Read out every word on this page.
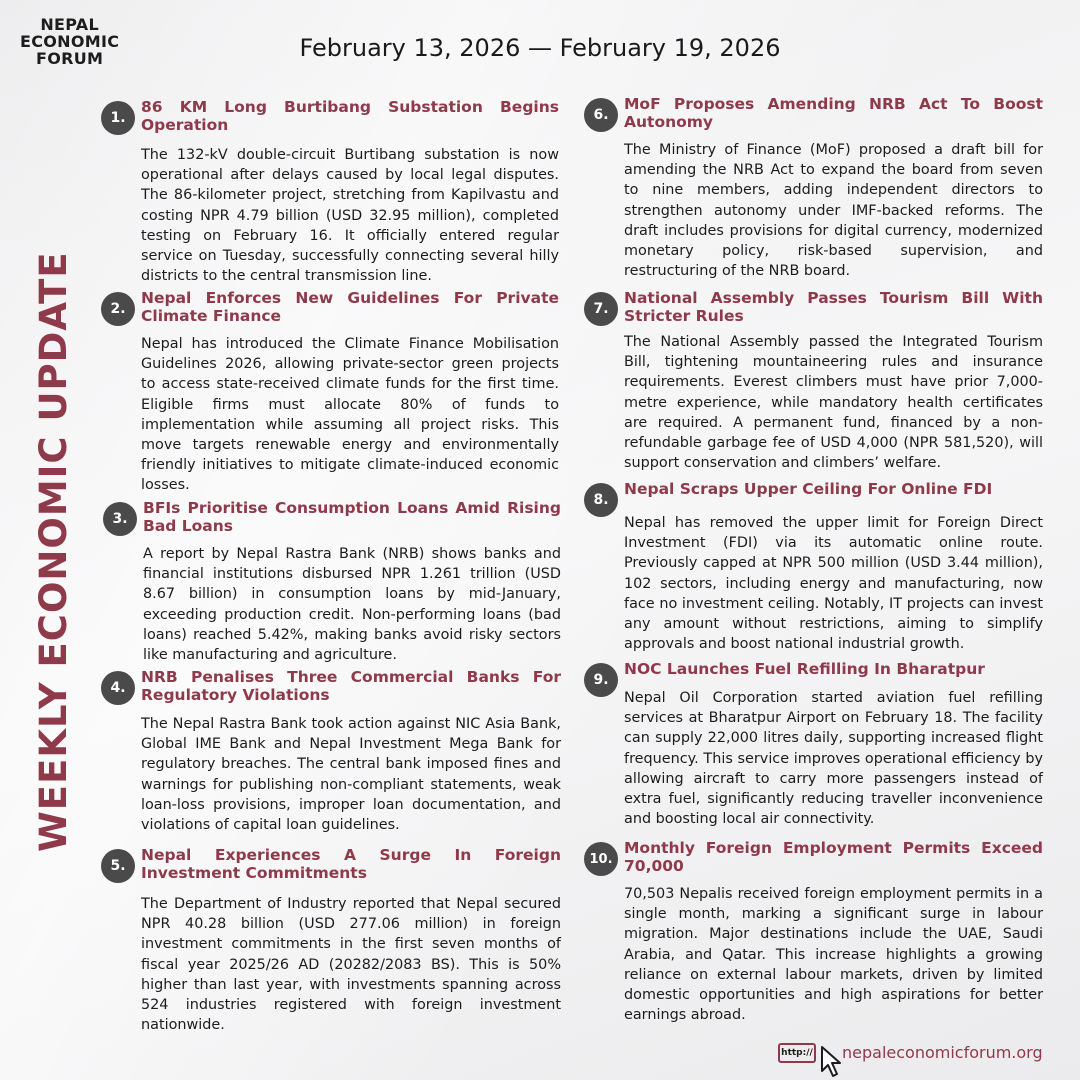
NEPAL
ECONOMIC
FORUM	February 13, 2026 — February 19, 2026
WEEKLY ECONOMIC UPDATE
1.
86 KM Long Burtibang Substation Begins Operation
The 132-kV double-circuit Burtibang substation is now operational after delays caused by local legal disputes. The 86-kilometer project, stretching from Kapilvastu and costing NPR 4.79 billion (USD 32.95 million), completed testing on February 16. It officially entered regular service on Tuesday, successfully connecting several hilly districts to the central transmission line.
2.
Nepal Enforces New Guidelines For Private Climate Finance
Nepal has introduced the Climate Finance Mobilisation Guidelines 2026, allowing private-sector green projects to access state-received climate funds for the first time. Eligible firms must allocate 80% of funds to implementation while assuming all project risks. This move targets renewable energy and environmentally friendly initiatives to mitigate climate-induced economic losses.
3.
BFIs Prioritise Consumption Loans Amid Rising Bad Loans
A report by Nepal Rastra Bank (NRB) shows banks and financial institutions disbursed NPR 1.261 trillion (USD 8.67 billion) in consumption loans by mid-January, exceeding production credit. Non-performing loans (bad loans) reached 5.42%, making banks avoid risky sectors like manufacturing and agriculture.
4.
NRB Penalises Three Commercial Banks For Regulatory Violations
The Nepal Rastra Bank took action against NIC Asia Bank, Global IME Bank and Nepal Investment Mega Bank for regulatory breaches. The central bank imposed fines and warnings for publishing non-compliant statements, weak loan-loss provisions, improper loan documentation, and violations of capital loan guidelines.
5.
Nepal Experiences A Surge In Foreign Investment Commitments
The Department of Industry reported that Nepal secured NPR 40.28 billion (USD 277.06 million) in foreign investment commitments in the first seven months of fiscal year 2025/26 AD (20282/2083 BS). This is 50% higher than last year, with investments spanning across 524 industries registered with foreign investment nationwide.
6.
MoF Proposes Amending NRB Act To Boost Autonomy
The Ministry of Finance (MoF) proposed a draft bill for amending the NRB Act to expand the board from seven to nine members, adding independent directors to strengthen autonomy under IMF-backed reforms. The draft includes provisions for digital currency, modernized monetary policy, risk-based supervision, and restructuring of the NRB board.
7.
National Assembly Passes Tourism Bill With Stricter Rules
The National Assembly passed the Integrated Tourism Bill, tightening mountaineering rules and insurance requirements. Everest climbers must have prior 7,000-metre experience, while mandatory health certificates are required. A permanent fund, financed by a non-refundable garbage fee of USD 4,000 (NPR 581,520), will support conservation and climbers’ welfare.
8.
Nepal Scraps Upper Ceiling For Online FDI
Nepal has removed the upper limit for Foreign Direct Investment (FDI) via its automatic online route. Previously capped at NPR 500 million (USD 3.44 million), 102 sectors, including energy and manufacturing, now face no investment ceiling. Notably, IT projects can invest any amount without restrictions, aiming to simplify approvals and boost national industrial growth.
9.
NOC Launches Fuel Refilling In Bharatpur
Nepal Oil Corporation started aviation fuel refilling services at Bharatpur Airport on February 18. The facility can supply 22,000 litres daily, supporting increased flight frequency. This service improves operational efficiency by allowing aircraft to carry more passengers instead of extra fuel, significantly reducing traveller inconvenience and boosting local air connectivity.
10.
Monthly Foreign Employment Permits Exceed 70,000
70,503 Nepalis received foreign employment permits in a single month, marking a significant surge in labour migration. Major destinations include the UAE, Saudi Arabia, and Qatar. This increase highlights a growing reliance on external labour markets, driven by limited domestic opportunities and high aspirations for better earnings abroad.
http:// nepaleconomicforum.org
